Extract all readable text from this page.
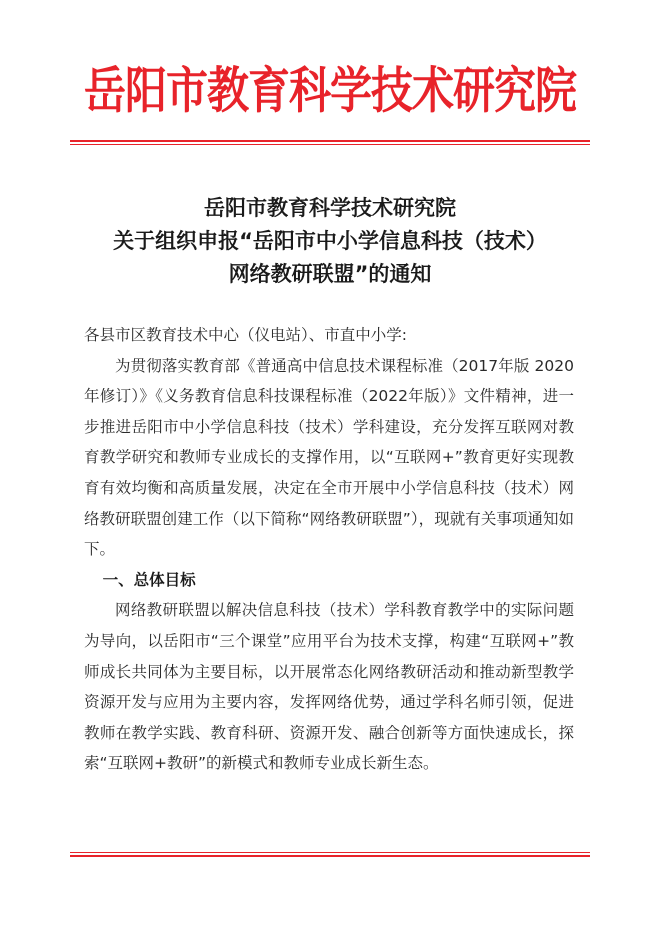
岳阳市教育科学技术研究院
岳阳市教育科学技术研究院
关于组织申报“岳阳市中小学信息科技（技术）
网络教研联盟”的通知

各县市区教育技术中心（仪电站）、市直中小学:

为贯彻落实教育部《普通高中信息技术课程标准（2017年版 2020 年修订）》《义务教育信息科技课程标准（2022年版）》文件精神，进一步推进岳阳市中小学信息科技（技术）学科建设，充分发挥互联网对教育教学研究和教师专业成长的支撑作用，以“互联网+”教育更好实现教育有效均衡和高质量发展，决定在全市开展中小学信息科技（技术）网络教研联盟创建工作（以下简称“网络教研联盟”），现就有关事项通知如下。

一、总体目标

网络教研联盟以解决信息科技（技术）学科教育教学中的实际问题为导向，以岳阳市“三个课堂”应用平台为技术支撑，构建“互联网+”教师成长共同体为主要目标，以开展常态化网络教研活动和推动新型教学资源开发与应用为主要内容，发挥网络优势，通过学科名师引领，促进教师在教学实践、教育科研、资源开发、融合创新等方面快速成长，探索“互联网+教研”的新模式和教师专业成长新生态。
